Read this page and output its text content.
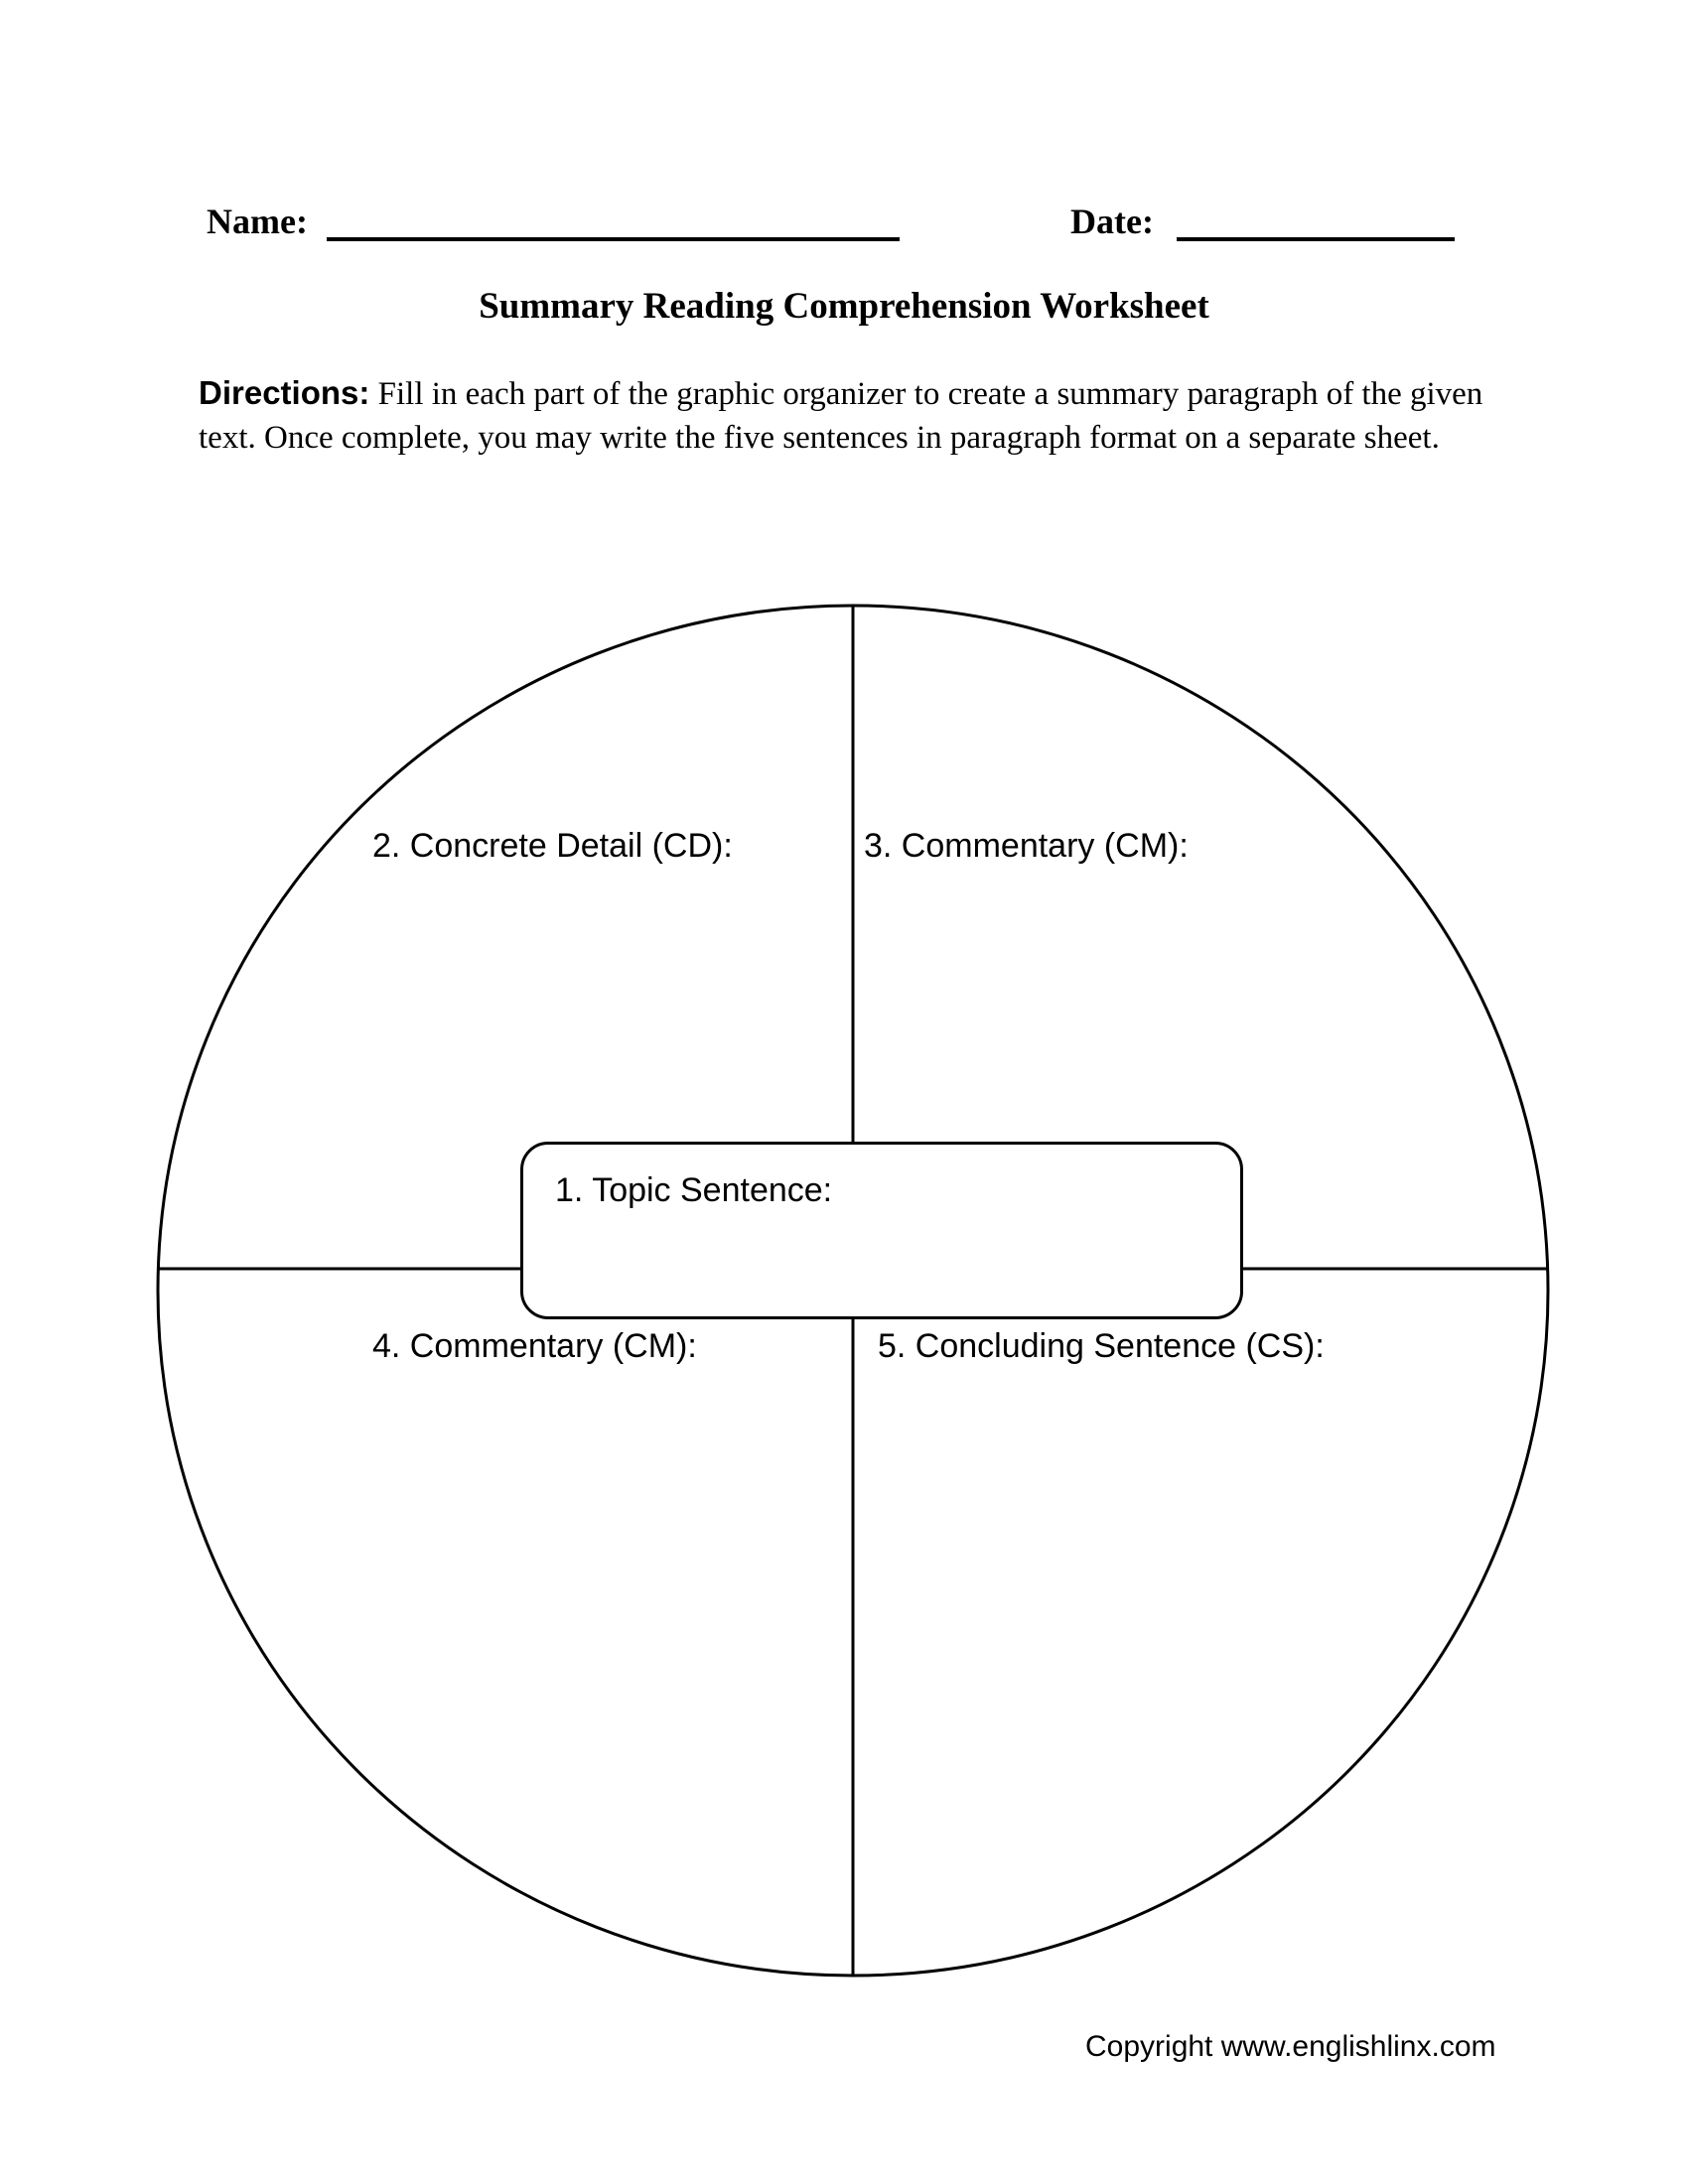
Name:	Date:
Summary Reading Comprehension Worksheet
Directions: Fill in each part of the graphic organizer to create a summary paragraph of the given text. Once complete, you may write the five sentences in paragraph format on a separate sheet.
2. Concrete Detail (CD):	3. Commentary (CM):
4. Commentary (CM):	5. Concluding Sentence (CS):
1. Topic Sentence:
Copyright www.englishlinx.com
